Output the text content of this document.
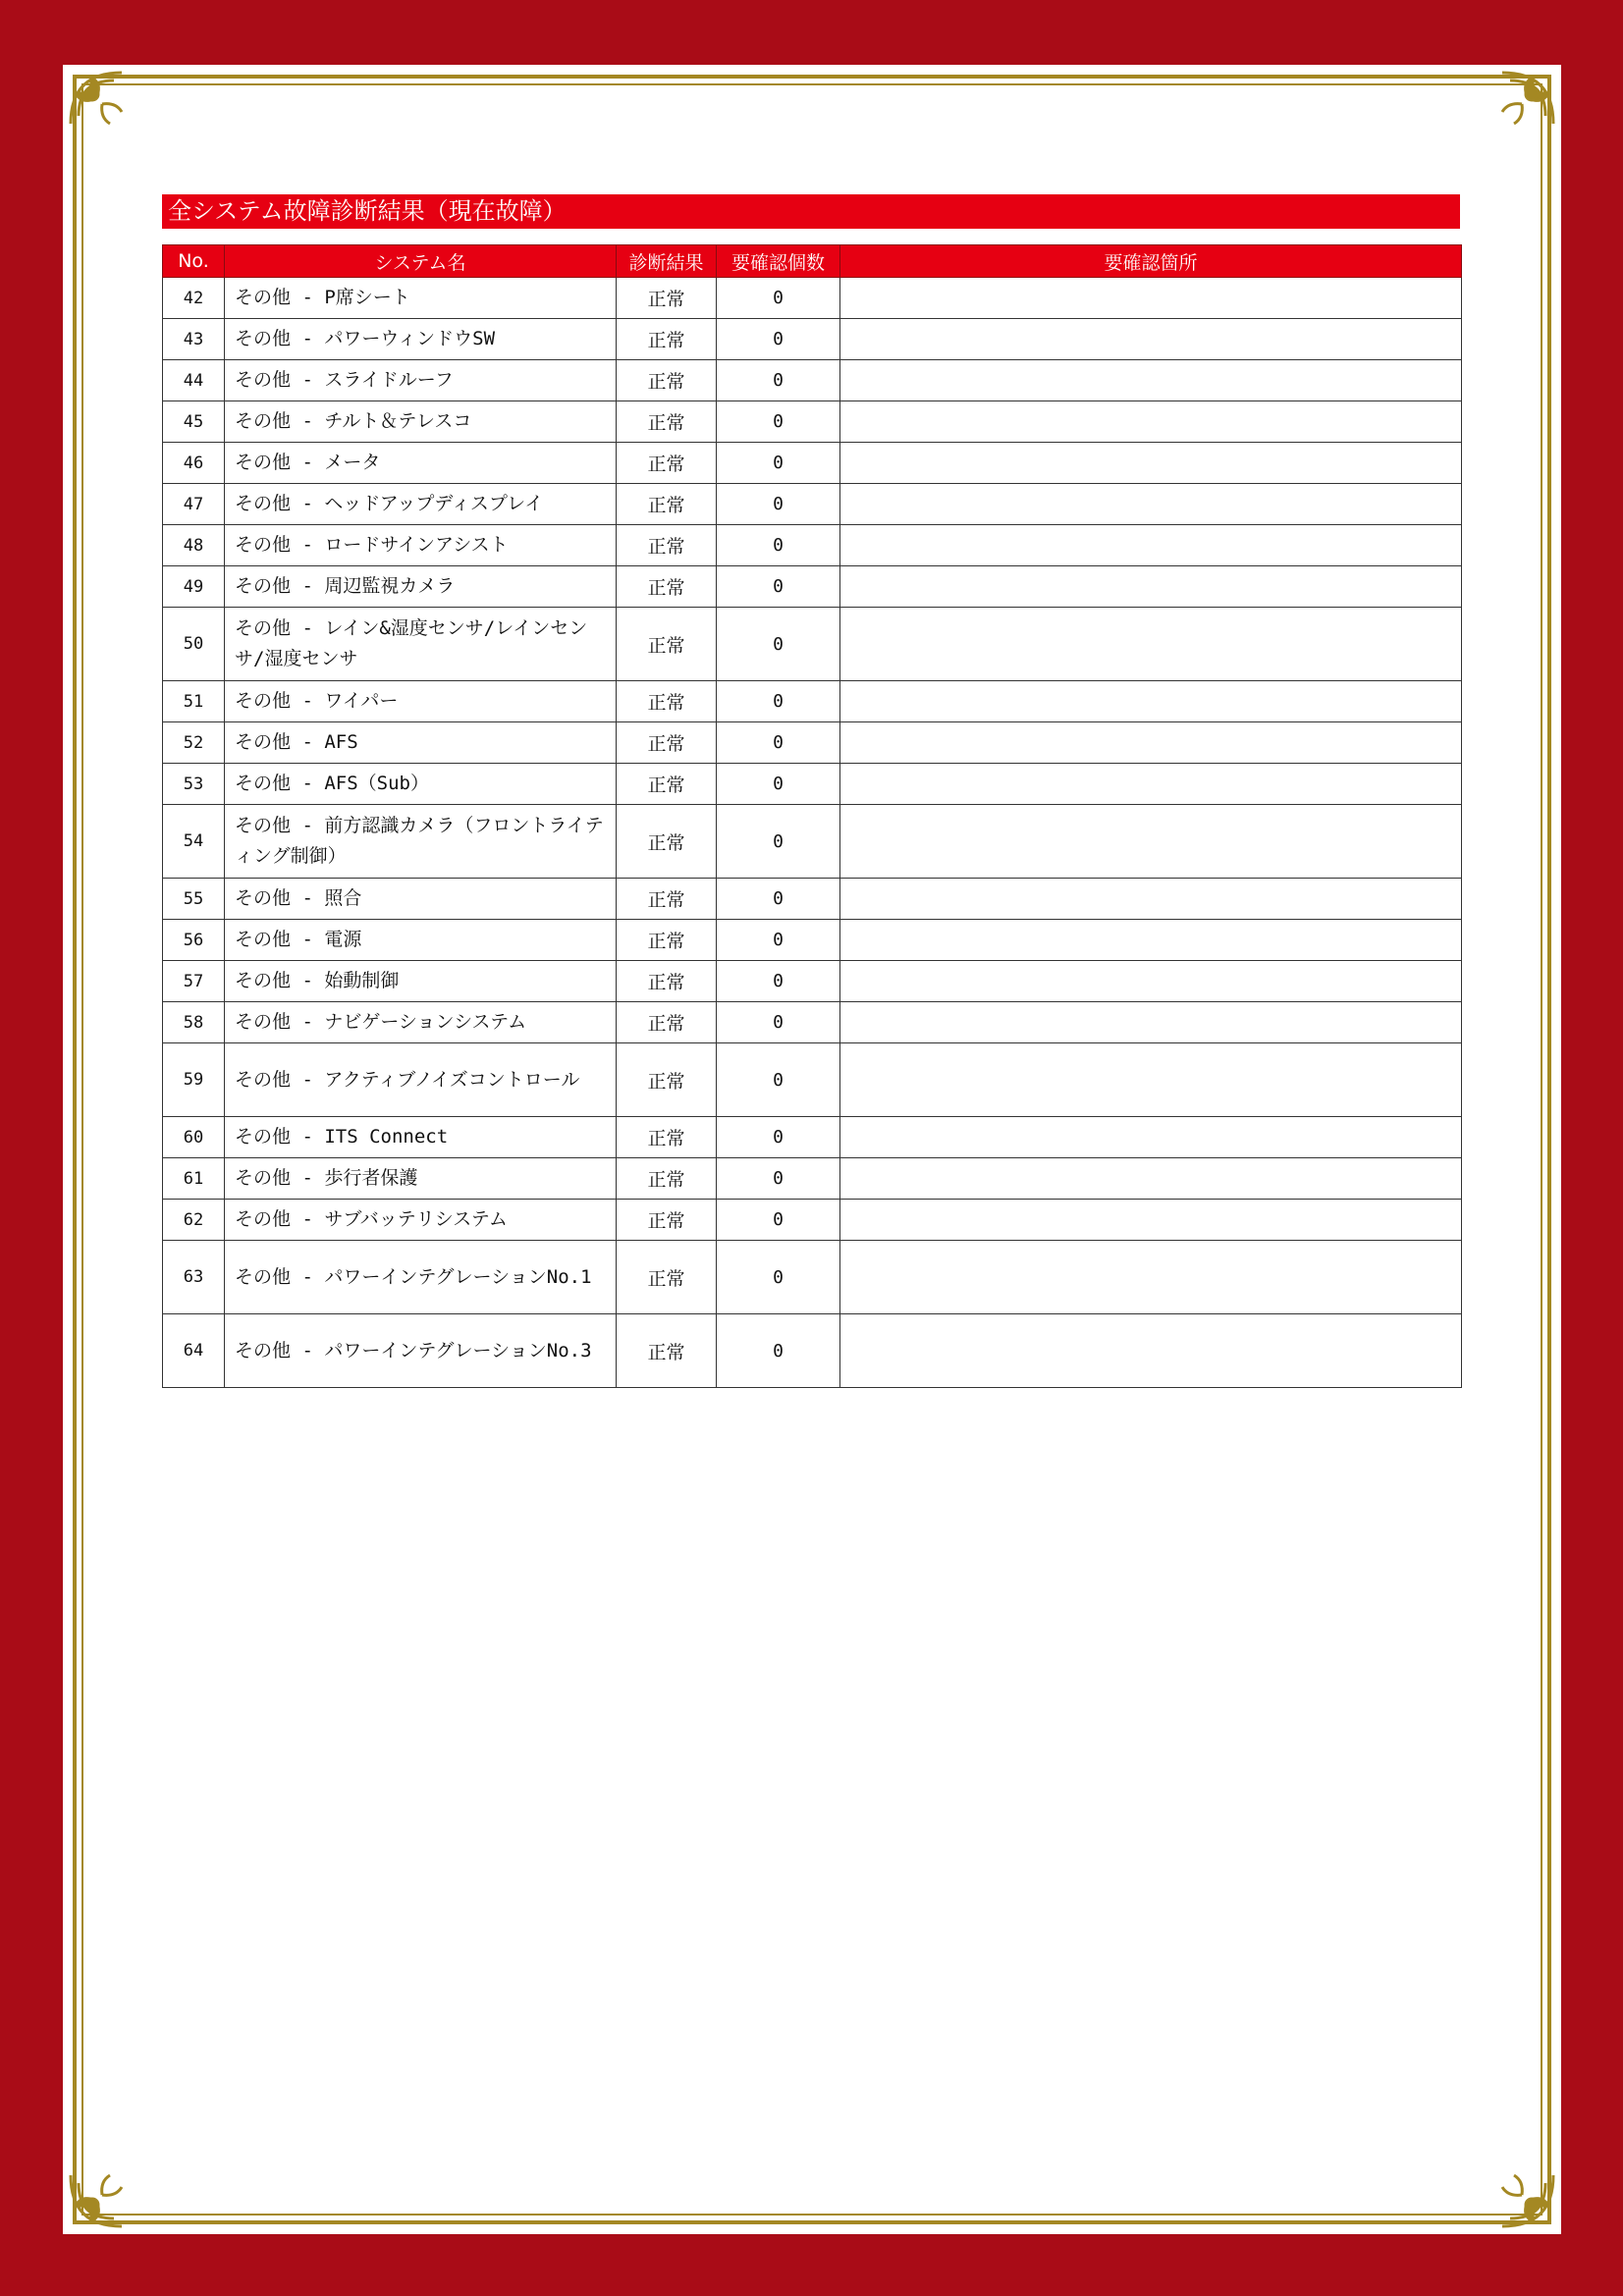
全システム故障診断結果（現在故障）
No.	システム名	診断結果	要確認個数	要確認箇所
42	その他 - P席シート	正常	0	
43	その他 - パワーウィンドウSW	正常	0	
44	その他 - スライドルーフ	正常	0	
45	その他 - チルト＆テレスコ	正常	0	
46	その他 - メータ	正常	0	
47	その他 - ヘッドアップディスプレイ	正常	0	
48	その他 - ロードサインアシスト	正常	0	
49	その他 - 周辺監視カメラ	正常	0	
50	その他 - レイン&湿度センサ/レインセンサ/湿度センサ	正常	0	
51	その他 - ワイパー	正常	0	
52	その他 - AFS	正常	0	
53	その他 - AFS（Sub）	正常	0	
54	その他 - 前方認識カメラ（フロントライティング制御）	正常	0	
55	その他 - 照合	正常	0	
56	その他 - 電源	正常	0	
57	その他 - 始動制御	正常	0	
58	その他 - ナビゲーションシステム	正常	0	
59	その他 - アクティブノイズコントロール	正常	0	
60	その他 - ITS Connect	正常	0	
61	その他 - 歩行者保護	正常	0	
62	その他 - サブバッテリシステム	正常	0	
63	その他 - パワーインテグレーションNo.1	正常	0	
64	その他 - パワーインテグレーションNo.3	正常	0	
